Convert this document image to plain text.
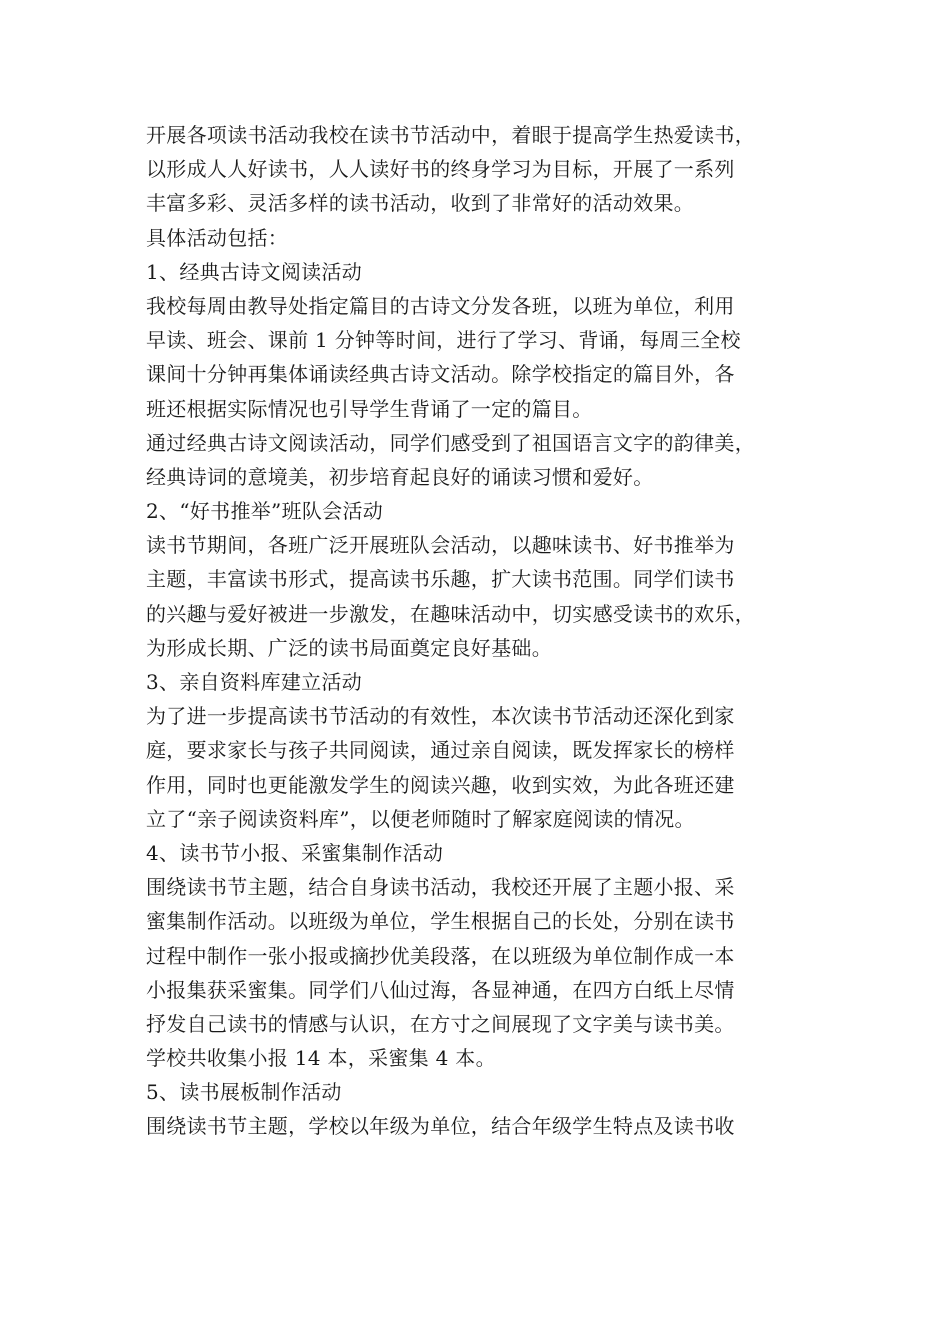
开展各项读书活动我校在读书节活动中，着眼于提高学生热爱读书，
以形成人人好读书，人人读好书的终身学习为目标，开展了一系列
丰富多彩、灵活多样的读书活动，收到了非常好的活动效果。
具体活动包括：
1、经典古诗文阅读活动
我校每周由教导处指定篇目的古诗文分发各班，以班为单位，利用
早读、班会、课前 1 分钟等时间，进行了学习、背诵，每周三全校
课间十分钟再集体诵读经典古诗文活动。除学校指定的篇目外，各
班还根据实际情况也引导学生背诵了一定的篇目。
通过经典古诗文阅读活动，同学们感受到了祖国语言文字的韵律美，
经典诗词的意境美，初步培育起良好的诵读习惯和爱好。
2、“好书推举”班队会活动
读书节期间，各班广泛开展班队会活动，以趣味读书、好书推举为
主题，丰富读书形式，提高读书乐趣，扩大读书范围。同学们读书
的兴趣与爱好被进一步激发，在趣味活动中，切实感受读书的欢乐，
为形成长期、广泛的读书局面奠定良好基础。
3、亲自资料库建立活动
为了进一步提高读书节活动的有效性，本次读书节活动还深化到家
庭，要求家长与孩子共同阅读，通过亲自阅读，既发挥家长的榜样
作用，同时也更能激发学生的阅读兴趣，收到实效，为此各班还建
立了“亲子阅读资料库”，以便老师随时了解家庭阅读的情况。
4、读书节小报、采蜜集制作活动
围绕读书节主题，结合自身读书活动，我校还开展了主题小报、采
蜜集制作活动。以班级为单位，学生根据自己的长处，分别在读书
过程中制作一张小报或摘抄优美段落，在以班级为单位制作成一本
小报集获采蜜集。同学们八仙过海，各显神通，在四方白纸上尽情
抒发自己读书的情感与认识，在方寸之间展现了文字美与读书美。
学校共收集小报 14 本，采蜜集 4 本。
5、读书展板制作活动
围绕读书节主题，学校以年级为单位，结合年级学生特点及读书收
